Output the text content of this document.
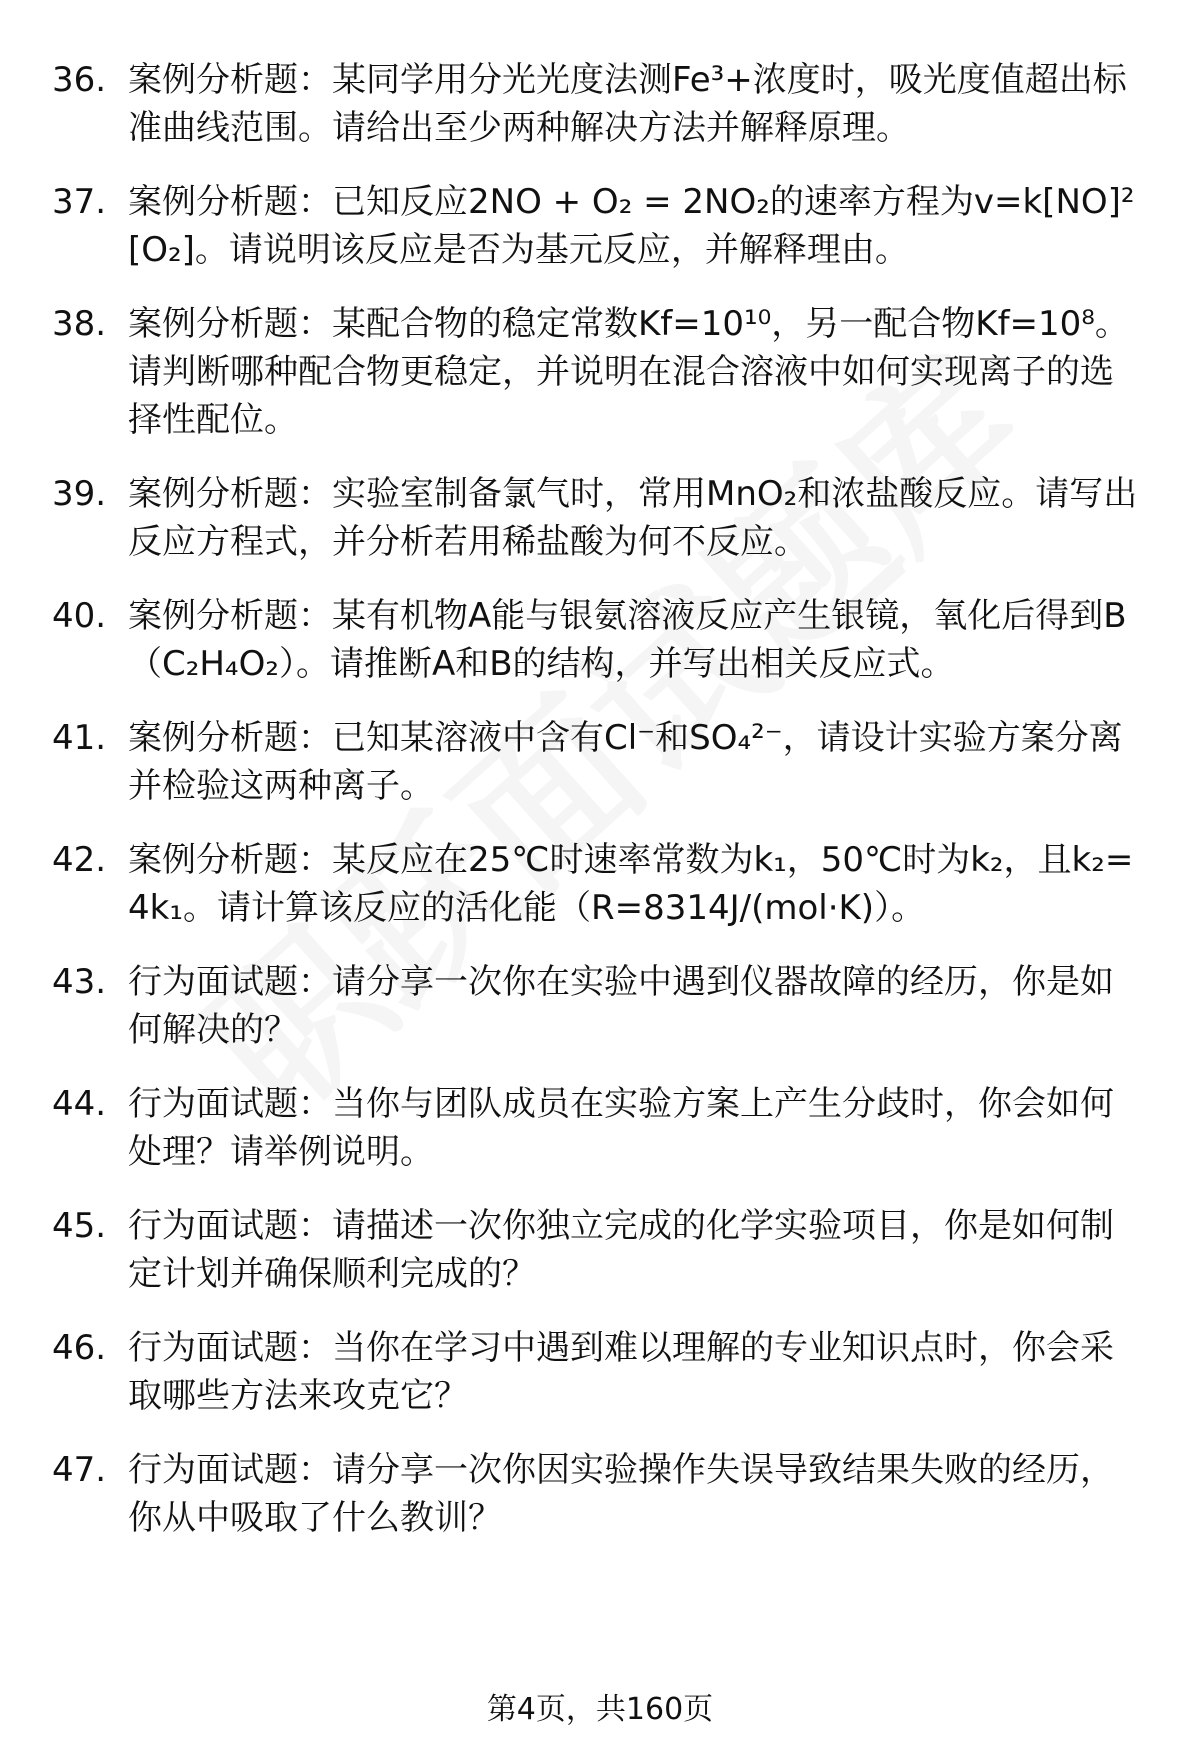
36. 案例分析题：某同学用分光光度法测Fe³+浓度时，吸光度值超出标准曲线范围。请给出至少两种解决方法并解释原理。
37. 案例分析题：已知反应2NO + O₂ = 2NO₂的速率方程为v=k[NO]²[O₂]。请说明该反应是否为基元反应，并解释理由。
38. 案例分析题：某配合物的稳定常数Kf=10¹⁰，另一配合物Kf=10⁸。请判断哪种配合物更稳定，并说明在混合溶液中如何实现离子的选择性配位。
39. 案例分析题：实验室制备氯气时，常用MnO₂和浓盐酸反应。请写出反应方程式，并分析若用稀盐酸为何不反应。
40. 案例分析题：某有机物A能与银氨溶液反应产生银镜，氧化后得到B（C₂H₄O₂）。请推断A和B的结构，并写出相关反应式。
41. 案例分析题：已知某溶液中含有Cl⁻和SO₄²⁻，请设计实验方案分离并检验这两种离子。
42. 案例分析题：某反应在25℃时速率常数为k₁，50℃时为k₂，且k₂=4k₁。请计算该反应的活化能（R=8314J/(mol·K)）。
43. 行为面试题：请分享一次你在实验中遇到仪器故障的经历，你是如何解决的？
44. 行为面试题：当你与团队成员在实验方案上产生分歧时，你会如何处理？请举例说明。
45. 行为面试题：请描述一次你独立完成的化学实验项目，你是如何制定计划并确保顺利完成的？
46. 行为面试题：当你在学习中遇到难以理解的专业知识点时，你会采取哪些方法来攻克它？
47. 行为面试题：请分享一次你因实验操作失误导致结果失败的经历，你从中吸取了什么教训？
第4页，共160页
